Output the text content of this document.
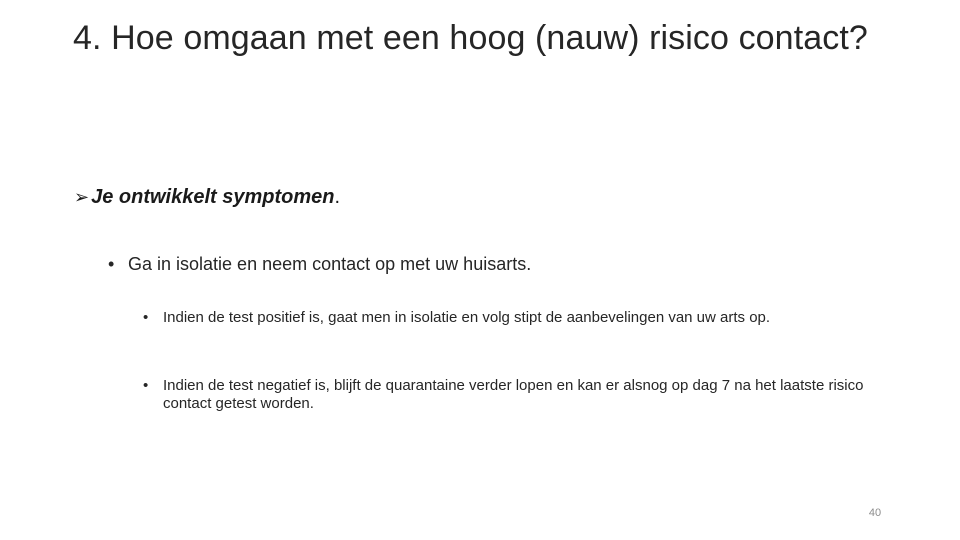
4. Hoe omgaan met een hoog (nauw) risico contact?
➢ Je ontwikkelt symptomen.
• Ga in isolatie en neem contact op met uw huisarts.
• Indien de test positief is, gaat men in isolatie en volg stipt de aanbevelingen van uw arts op.
• Indien de test negatief is, blijft de quarantaine verder lopen en kan er alsnog op dag 7 na het laatste risico contact getest worden.
40
